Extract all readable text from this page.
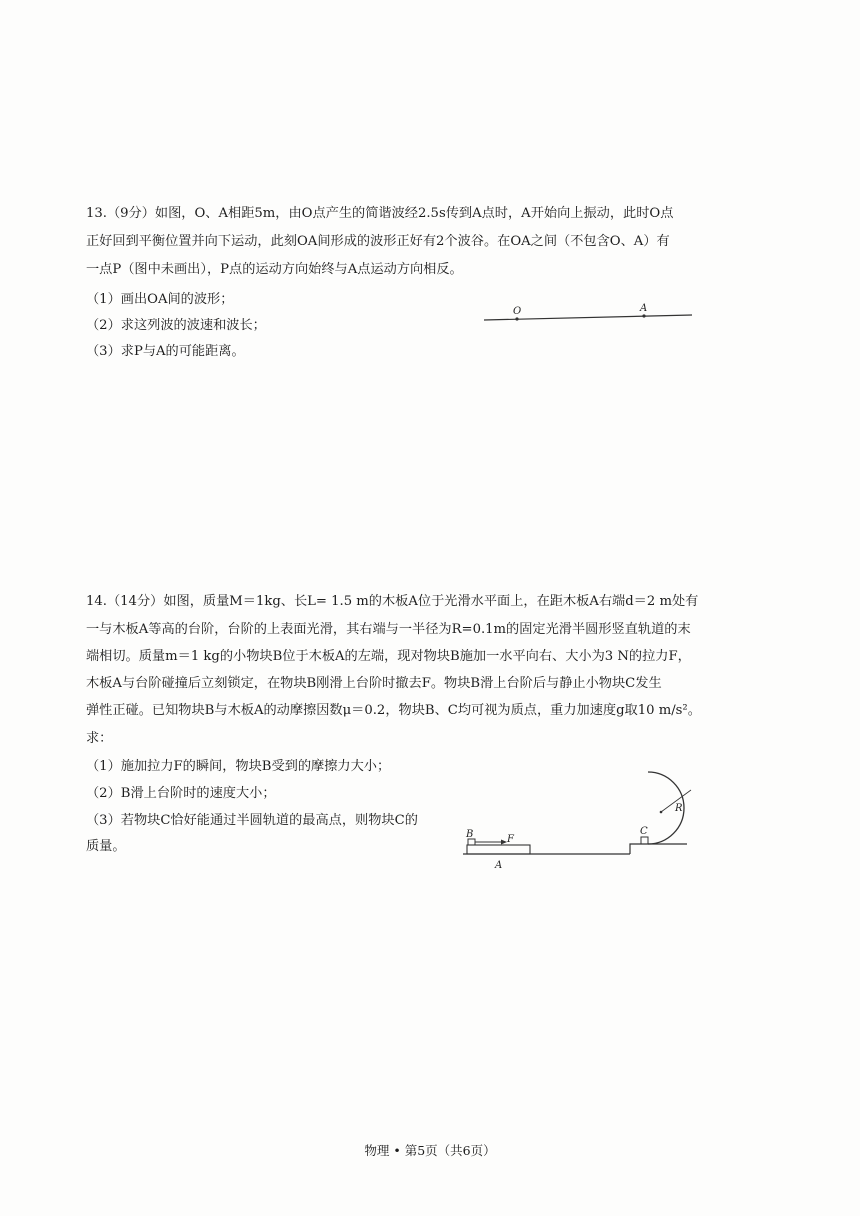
13.（9分）如图，O、A相距5m，由O点产生的简谐波经2.5s传到A点时，A开始向上振动，此时O点
正好回到平衡位置并向下运动，此刻OA间形成的波形正好有2个波谷。在OA之间（不包含O、A）有
一点P（图中未画出），P点的运动方向始终与A点运动方向相反。
（1）画出OA间的波形；
（2）求这列波的波速和波长；
（3）求P与A的可能距离。
O	A
14.（14分）如图，质量M＝1kg、长L= 1.5 m的木板A位于光滑水平面上，在距木板A右端d＝2 m处有
一与木板A等高的台阶，台阶的上表面光滑，其右端与一半径为R=0.1m的固定光滑半圆形竖直轨道的末
端相切。质量m＝1 kg的小物块B位于木板A的左端，现对物块B施加一水平向右、大小为3 N的拉力F，
木板A与台阶碰撞后立刻锁定，在物块B刚滑上台阶时撤去F。物块B滑上台阶后与静止小物块C发生
弹性正碰。已知物块B与木板A的动摩擦因数μ＝0.2，物块B、C均可视为质点，重力加速度g取10 m/s²。
求：
（1）施加拉力F的瞬间，物块B受到的摩擦力大小；
（2）B滑上台阶时的速度大小；
（3）若物块C恰好能通过半圆轨道的最高点，则物块C的
质量。
B	F
C
A
R
物理 • 第5页（共6页）
